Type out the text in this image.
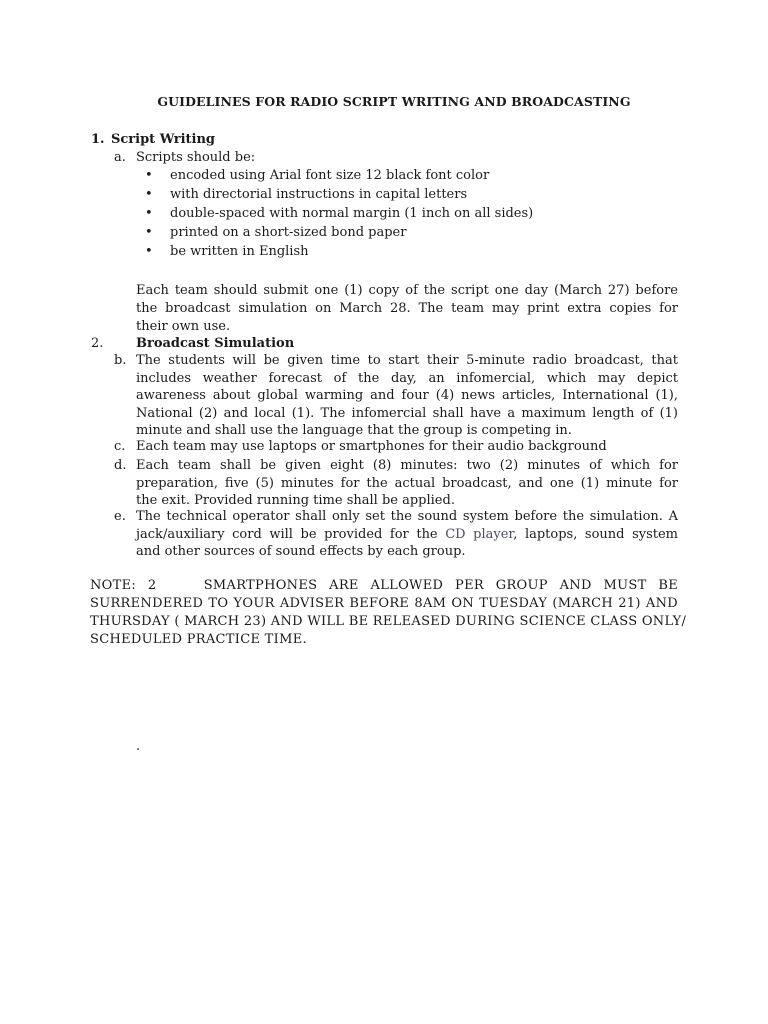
GUIDELINES FOR RADIO SCRIPT WRITING AND BROADCASTING
1. Script Writing
a. Scripts should be:
• encoded using Arial font size 12 black font color
• with directorial instructions in capital letters
• double-spaced with normal margin (1 inch on all sides)
• printed on a short-sized bond paper
• be written in English
Each team should submit one (1) copy of the script one day (March 27) before
the broadcast simulation on March 28. The team may print extra copies for
their own use.
2.	Broadcast Simulation
b. The students will be given time to start their 5-minute radio broadcast, that
includes weather forecast of the day, an infomercial, which may depict
awareness about global warming and four (4) news articles, International (1),
National (2) and local (1). The infomercial shall have a maximum length of (1)
minute and shall use the language that the group is competing in.
c. Each team may use laptops or smartphones for their audio background
d. Each team shall be given eight (8) minutes: two (2) minutes of which for
preparation, five (5) minutes for the actual broadcast, and one (1) minute for
the exit. Provided running time shall be applied.
e. The technical operator shall only set the sound system before the simulation. A
jack/auxiliary cord will be provided for the CD player, laptops, sound system
and other sources of sound effects by each group.
NOTE: 2    SMARTPHONES ARE ALLOWED PER GROUP AND MUST BE
SURRENDERED TO YOUR ADVISER BEFORE 8AM ON TUESDAY (MARCH 21) AND
THURSDAY ( MARCH 23) AND WILL BE RELEASED DURING SCIENCE CLASS ONLY/
SCHEDULED PRACTICE TIME.
.
